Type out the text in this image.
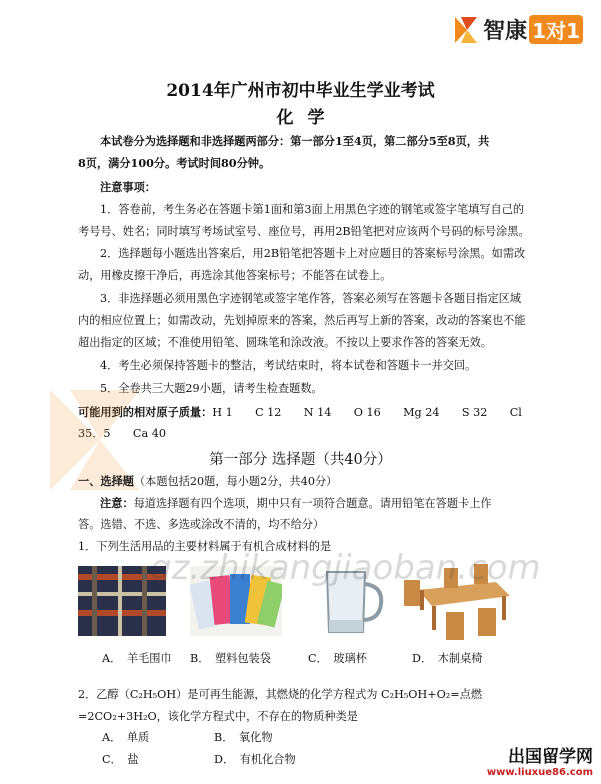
智康 1对1
2014年广州市初中毕业生学业考试
化学
本试卷分为选择题和非选择题两部分：第一部分1至4页，第二部分5至8页，共
8页，满分100分。考试时间80分钟。
注意事项：
1．答卷前，考生务必在答题卡第1面和第3面上用黑色字迹的钢笔或签字笔填写自己的
考号号、姓名；同时填写考场试室号、座位号，再用2B铅笔把对应该两个号码的标号涂黑。
2．选择题每小题选出答案后，用2B铅笔把答题卡上对应题目的答案标号涂黑。如需改
动，用橡皮擦干净后，再选涂其他答案标号；不能答在试卷上。
3．非选择题必须用黑色字迹钢笔或签字笔作答，答案必须写在答题卡各题目指定区域
内的相应位置上；如需改动，先划掉原来的答案，然后再写上新的答案，改动的答案也不能
超出指定的区域；不准使用铅笔、圆珠笔和涂改液。不按以上要求作答的答案无效。
4．考生必须保持答题卡的整洁，考试结束时，将本试卷和答题卡一并交回。
5．全卷共三大题29小题，请考生检查题数。
可能用到的相对原子质量：H 1　　C 12　　N 14　　O 16　　Mg 24　　S 32　　Cl
35．5　　Ca 40
第一部分 选择题（共40分）
一、选择题（本题包括20题，每小题2分，共40分）
注意：每道选择题有四个选项，期中只有一项符合题意。请用铅笔在答题卡上作
答。选错、不选、多选或涂改不清的，均不给分）
1．下列生活用品的主要材料属于有机合成材料的是
A．　羊毛围巾 B．　塑料包装袋	C．　玻璃杯	D．　木制桌椅
gz.zhikangjiaoban.com
2．乙醇（C₂H₅OH）是可再生能源，其燃烧的化学方程式为 C₂H₅OH+O₂=点燃
=2CO₂+3H₂O，该化学方程式中，不存在的物质种类是
A．　单质	B．　氧化物
C．　盐	D．　有机化合物	出国留学网
www.liuxue86.com
